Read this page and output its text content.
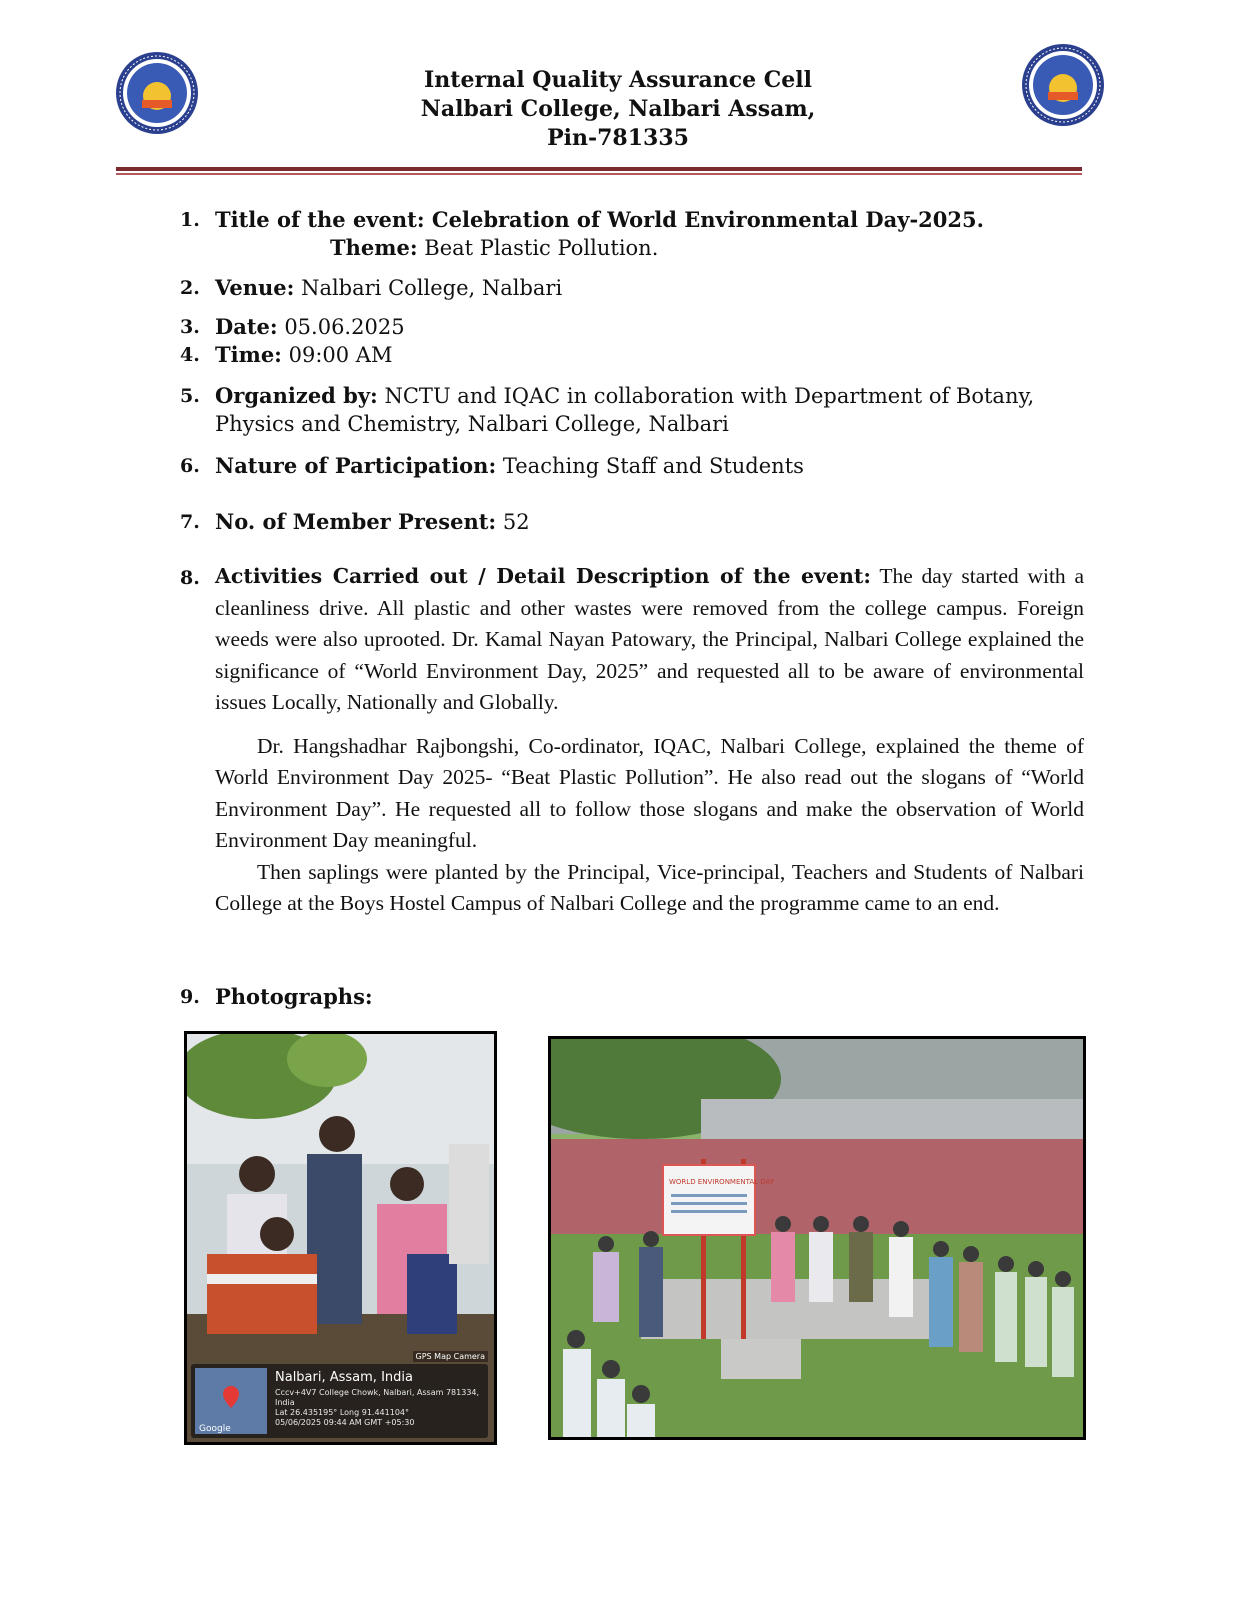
Internal Quality Assurance Cell
Nalbari College, Nalbari Assam,
Pin-781335
1. Title of the event: Celebration of World Environmental Day-2025.
Theme: Beat Plastic Pollution.
2. Venue: Nalbari College, Nalbari
3. Date: 05.06.2025
4. Time: 09:00 AM
5. Organized by: NCTU and IQAC in collaboration with Department of Botany, Physics and Chemistry, Nalbari College, Nalbari
6. Nature of Participation: Teaching Staff and Students
7. No. of Member Present: 52
8. Activities Carried out / Detail Description of the event: The day started with a cleanliness drive. All plastic and other wastes were removed from the college campus. Foreign weeds were also uprooted. Dr. Kamal Nayan Patowary, the Principal, Nalbari College explained the significance of “World Environment Day, 2025” and requested all to be aware of environmental issues Locally, Nationally and Globally.

Dr. Hangshadhar Rajbongshi, Co-ordinator, IQAC, Nalbari College, explained the theme of World Environment Day 2025- “Beat Plastic Pollution”. He also read out the slogans of “World Environment Day”. He requested all to follow those slogans and make the observation of World Environment Day meaningful.

Then saplings were planted by the Principal, Vice-principal, Teachers and Students of Nalbari College at the Boys Hostel Campus of Nalbari College and the programme came to an end.

9. Photographs:
GPS Map Camera
Google
Nalbari, Assam, India
Cccv+4V7 College Chowk, Nalbari, Assam 781334, India
Lat 26.435195° Long 91.441104°
05/06/2025 09:44 AM GMT +05:30
WORLD ENVIRONMENTAL DAY
